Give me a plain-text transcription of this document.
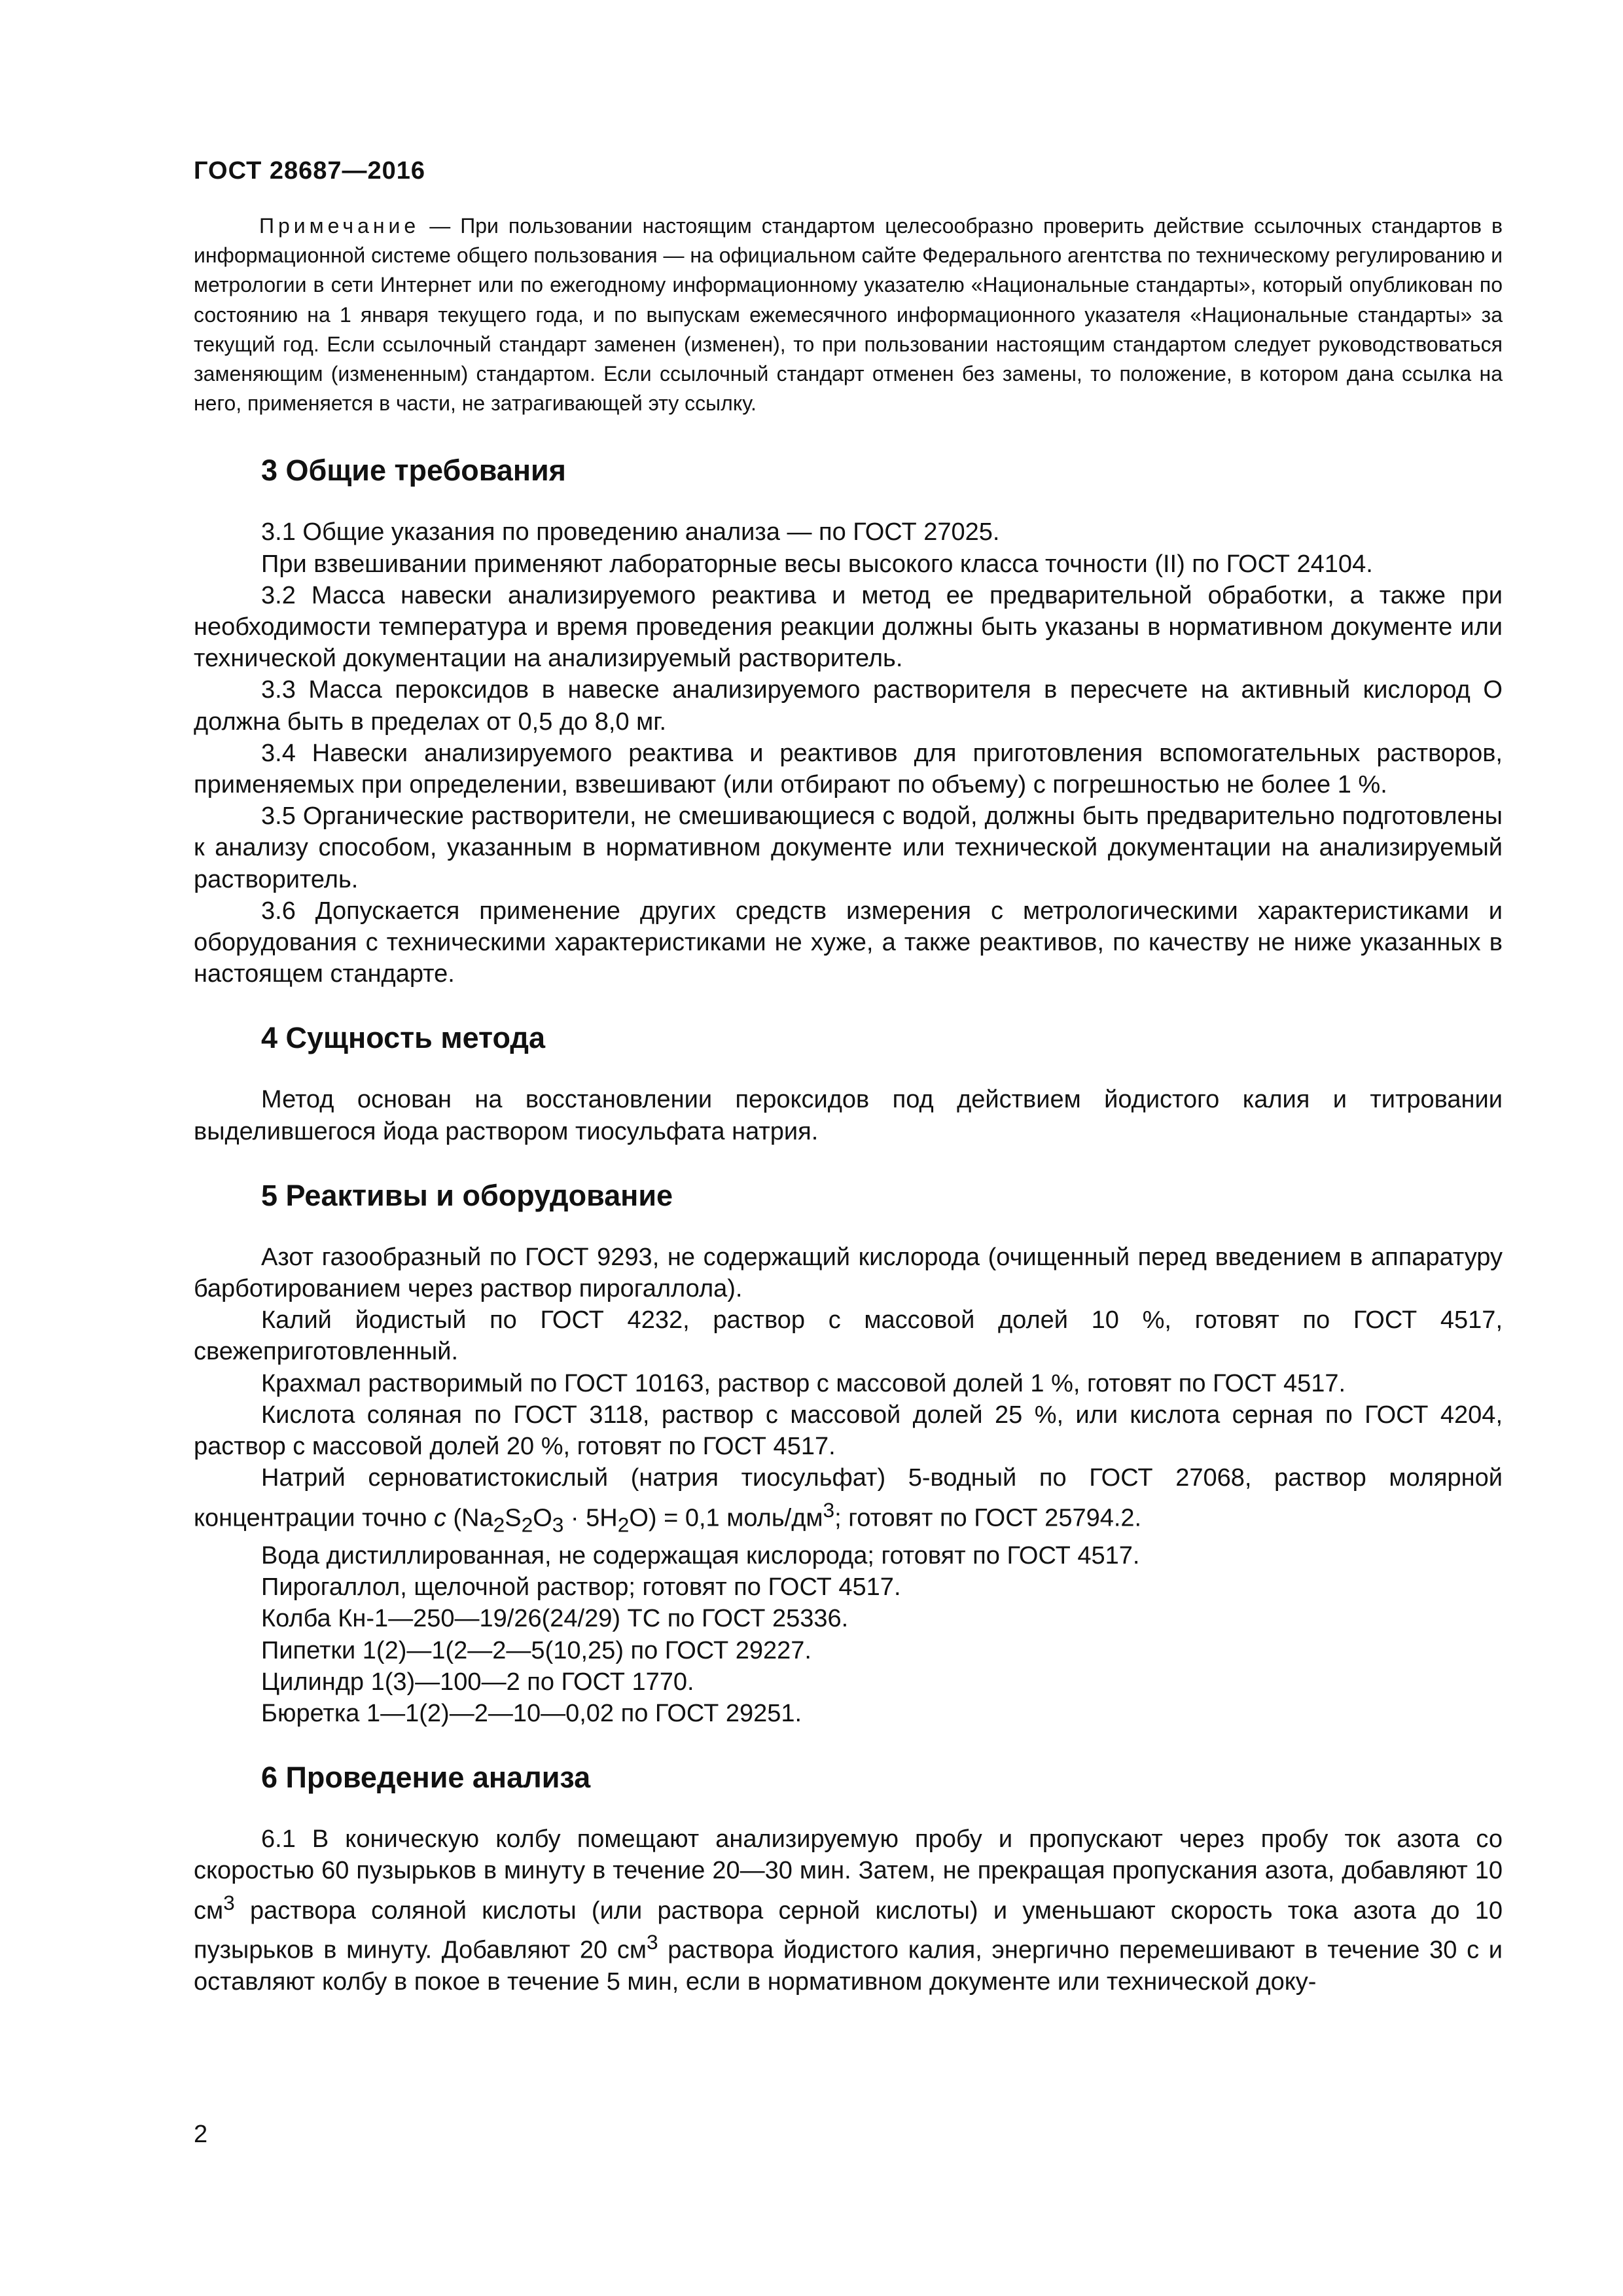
ГОСТ 28687—2016

Примечание — При пользовании настоящим стандартом целесообразно проверить действие ссылочных стандартов в информационной системе общего пользования — на официальном сайте Федерального агентства по техническому регулированию и метрологии в сети Интернет или по ежегодному информационному указателю «Национальные стандарты», который опубликован по состоянию на 1 января текущего года, и по выпускам ежемесячного информационного указателя «Национальные стандарты» за текущий год. Если ссылочный стандарт заменен (изменен), то при пользовании настоящим стандартом следует руководствоваться заменяющим (измененным) стандартом. Если ссылочный стандарт отменен без замены, то положение, в котором дана ссылка на него, применяется в части, не затрагивающей эту ссылку.

3 Общие требования

3.1 Общие указания по проведению анализа — по ГОСТ 27025.

При взвешивании применяют лабораторные весы высокого класса точности (II) по ГОСТ 24104.

3.2 Масса навески анализируемого реактива и метод ее предварительной обработки, а также при необходимости температура и время проведения реакции должны быть указаны в нормативном документе или технической документации на анализируемый растворитель.

3.3 Масса пероксидов в навеске анализируемого растворителя в пересчете на активный кислород О должна быть в пределах от 0,5 до 8,0 мг.

3.4 Навески анализируемого реактива и реактивов для приготовления вспомогательных растворов, применяемых при определении, взвешивают (или отбирают по объему) с погрешностью не более 1 %.

3.5 Органические растворители, не смешивающиеся с водой, должны быть предварительно подготовлены к анализу способом, указанным в нормативном документе или технической документации на анализируемый растворитель.

3.6 Допускается применение других средств измерения с метрологическими характеристиками и оборудования с техническими характеристиками не хуже, а также реактивов, по качеству не ниже указанных в настоящем стандарте.

4 Сущность метода

Метод основан на восстановлении пероксидов под действием йодистого калия и титровании выделившегося йода раствором тиосульфата натрия.

5 Реактивы и оборудование

Азот газообразный по ГОСТ 9293, не содержащий кислорода (очищенный перед введением в аппаратуру барботированием через раствор пирогаллола).

Калий йодистый по ГОСТ 4232, раствор с массовой долей 10 %, готовят по ГОСТ 4517, свежеприготовленный.

Крахмал растворимый по ГОСТ 10163, раствор с массовой долей 1 %, готовят по ГОСТ 4517.

Кислота соляная по ГОСТ 3118, раствор с массовой долей 25 %, или кислота серная по ГОСТ 4204, раствор с массовой долей 20 %, готовят по ГОСТ 4517.

Натрий серноватистокислый (натрия тиосульфат) 5-водный по ГОСТ 27068, раствор молярной концентрации точно c $(Na_2S_2O_3 \cdot 5H_2O) = 0,1$ моль/$дм^3$; готовят по ГОСТ 25794.2.

Вода дистиллированная, не содержащая кислорода; готовят по ГОСТ 4517.

Пирогаллол, щелочной раствор; готовят по ГОСТ 4517.

Колба Кн-1—250—19/26(24/29) ТС по ГОСТ 25336.

Пипетки 1(2)—1(2—2—5(10,25) по ГОСТ 29227.

Цилиндр 1(3)—100—2 по ГОСТ 1770.

Бюретка 1—1(2)—2—10—0,02 по ГОСТ 29251.

6 Проведение анализа

6.1 В коническую колбу помещают анализируемую пробу и пропускают через пробу ток азота со скоростью 60 пузырьков в минуту в течение 20—30 мин. Затем, не прекращая пропускания азота, добавляют 10 $см^3$ раствора соляной кислоты (или раствора серной кислоты) и уменьшают скорость тока азота до 10 пузырьков в минуту. Добавляют 20 $см^3$ раствора йодистого калия, энергично перемешивают в течение 30 с и оставляют колбу в покое в течение 5 мин, если в нормативном документе или технической доку-

2
